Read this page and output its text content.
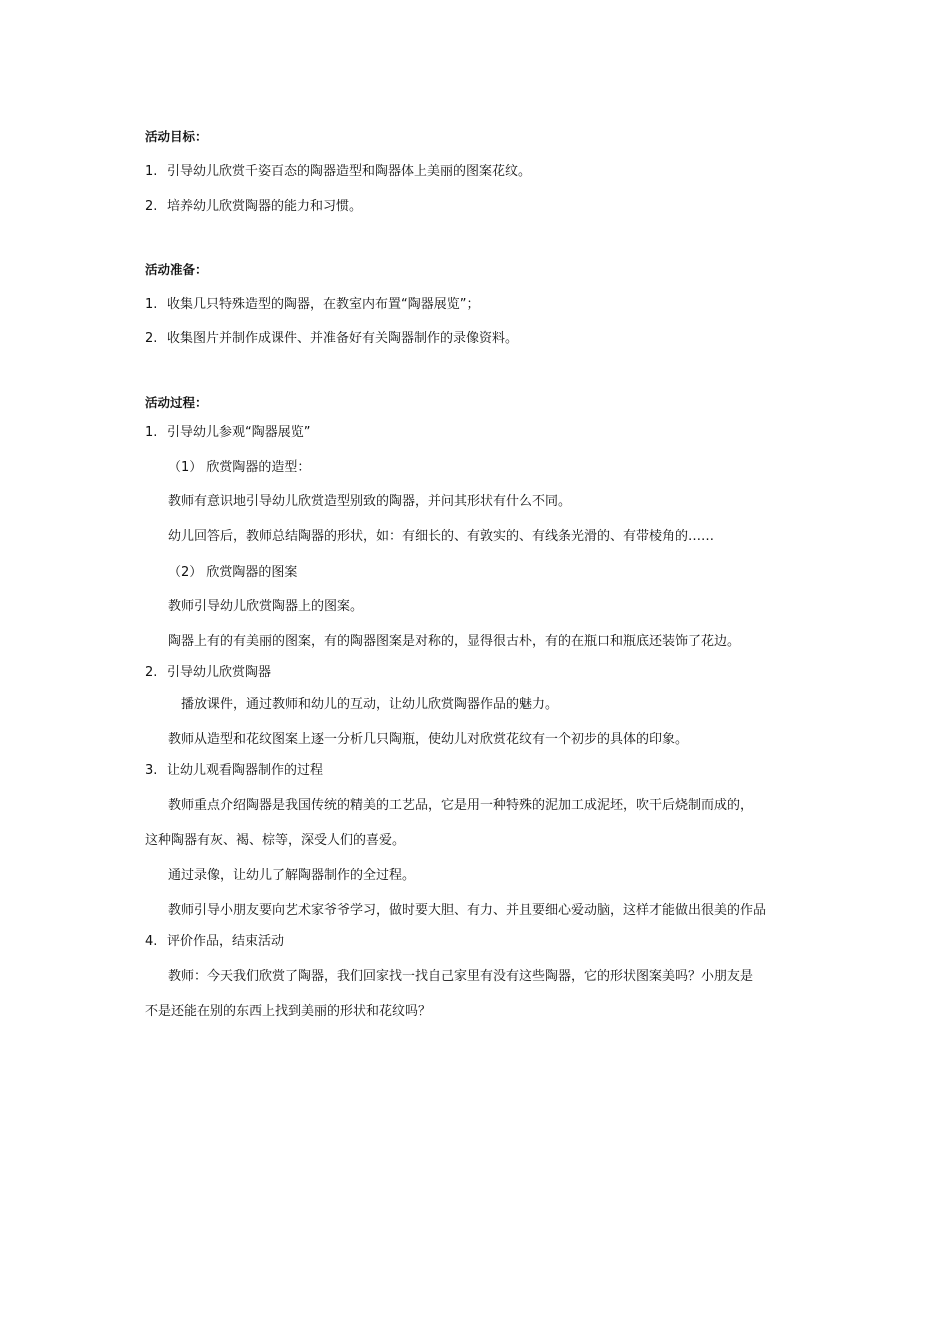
活动目标：
1. 引导幼儿欣赏千姿百态的陶器造型和陶器体上美丽的图案花纹。
2. 培养幼儿欣赏陶器的能力和习惯。
活动准备：
1. 收集几只特殊造型的陶器，在教室内布置“陶器展览”；
2. 收集图片并制作成课件、并准备好有关陶器制作的录像资料。
活动过程：
1. 引导幼儿参观“陶器展览”
（1） 欣赏陶器的造型：
教师有意识地引导幼儿欣赏造型别致的陶器，并问其形状有什么不同。
幼儿回答后，教师总结陶器的形状，如：有细长的、有敦实的、有线条光滑的、有带棱角的……
（2） 欣赏陶器的图案
教师引导幼儿欣赏陶器上的图案。
陶器上有的有美丽的图案，有的陶器图案是对称的，显得很古朴，有的在瓶口和瓶底还装饰了花边。
2. 引导幼儿欣赏陶器
播放课件，通过教师和幼儿的互动，让幼儿欣赏陶器作品的魅力。
教师从造型和花纹图案上逐一分析几只陶瓶，使幼儿对欣赏花纹有一个初步的具体的印象。
3. 让幼儿观看陶器制作的过程
教师重点介绍陶器是我国传统的精美的工艺品，它是用一种特殊的泥加工成泥坯，吹干后烧制而成的，
这种陶器有灰、褐、棕等，深受人们的喜爱。
通过录像，让幼儿了解陶器制作的全过程。
教师引导小朋友要向艺术家爷爷学习，做时要大胆、有力、并且要细心爱动脑，这样才能做出很美的作品
4. 评价作品，结束活动
教师：今天我们欣赏了陶器，我们回家找一找自己家里有没有这些陶器，它的形状图案美吗？小朋友是
不是还能在别的东西上找到美丽的形状和花纹吗？
